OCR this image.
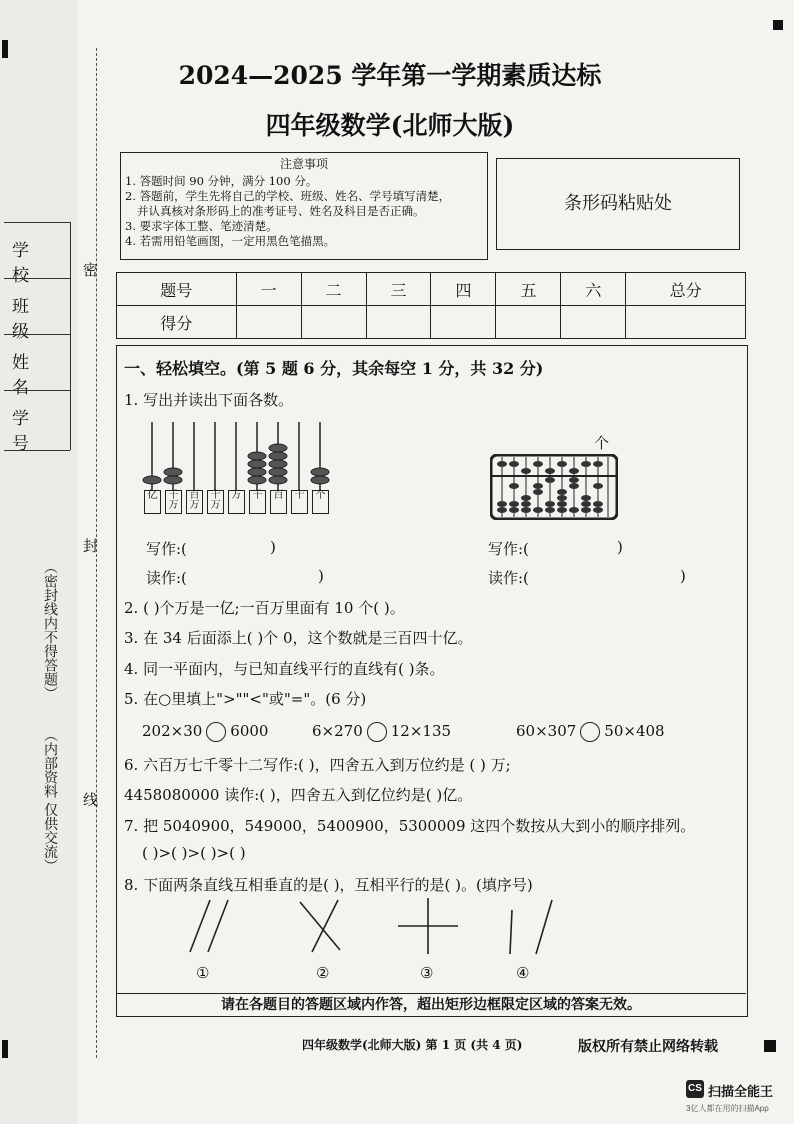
学 校
班 级
姓 名
学 号
密
封
线
（密封线内不得答题）
（内部资料 仅供交流）
2024—2025 学年第一学期素质达标
四年级数学(北师大版)
注意事项
1. 答题时间 90 分钟，满分 100 分。
2. 答题前，学生先将自己的学校、班级、姓名、学号填写清楚，
并认真核对条形码上的准考证号、姓名及科目是否正确。
3. 要求字体工整、笔迹清楚。
4. 若需用铅笔画图，一定用黑色笔描黑。
条形码粘贴处
题号	一	二	三	四	五	六	总分
得分							
一、轻松填空。(第 5 题 6 分，其余每空 1 分，共 32 分)
1. 写出并读出下面各数。
亿	千万
百万
十万
万	千	百	十	个
个
写作:(	)	写作:(	)
读作:(	)	读作:(	)
2. ( )个万是一亿;一百万里面有 10 个( )。
3. 在 34 后面添上( )个 0，这个数就是三百四十亿。
4. 同一平面内，与已知直线平行的直线有( )条。
5. 在○里填上">""<"或"="。(6 分)
202×30 6000	6×270 12×135	60×307 50×408
6. 六百万七千零十二写作:( )，四舍五入到万位约是 ( ) 万;
4458080000 读作:( )，四舍五入到亿位约是( )亿。
7. 把 5040900，549000，5400900，5300009 这四个数按从大到小的顺序排列。
( )>( )>( )>( )
8. 下面两条直线互相垂直的是( )，互相平行的是( )。(填序号)
①	②	③	④
请在各题目的答题区域内作答，超出矩形边框限定区域的答案无效。
四年级数学(北师大版) 第 1 页 (共 4 页)	版权所有禁止网络转载
CS 扫描全能王
3亿人都在用的扫描App
